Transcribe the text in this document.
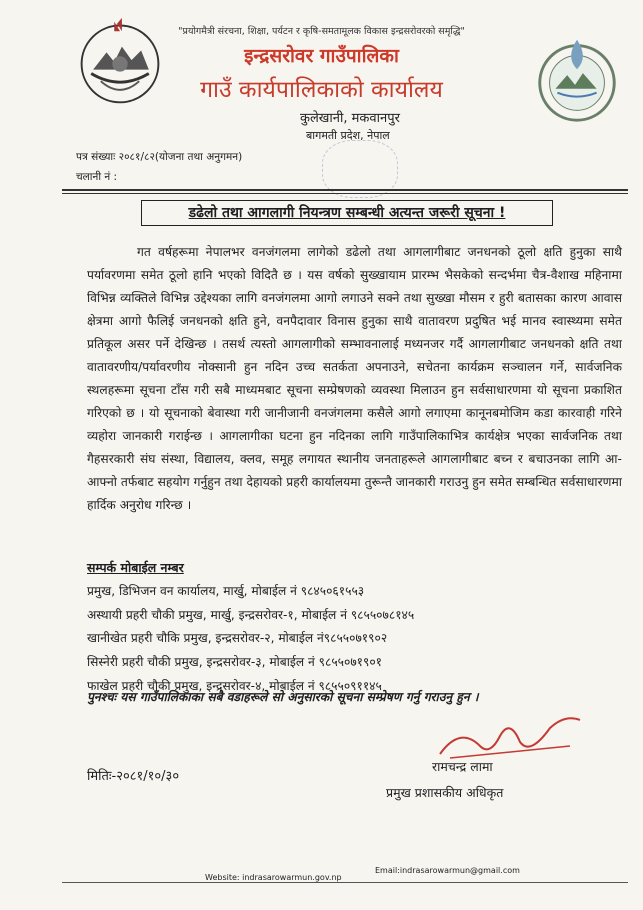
"प्रयोगमैत्री संरचना, शिक्षा, पर्यटन र कृषि-समतामूलक विकास इन्द्रसरोवरको समृद्धि"
इन्द्रसरोवर गाउँपालिका
गाउँ कार्यपालिकाको कार्यालय
कुलेखानी, मकवानपुर
बागमती प्रदेश, नेपाल
पत्र संख्याः २०८१/८२(योजना तथा अनुगमन)
चलानी नं :
डढेलो तथा आगलागी नियन्त्रण सम्बन्धी अत्यन्त जरूरी सूचना !

गत वर्षहरूमा नेपालभर वनजंगलमा लागेको डढेलो तथा आगलागीबाट जनधनको ठूलो क्षति हुनुका साथै पर्यावरणमा समेत ठूलो हानि भएको विदितै छ । यस वर्षको सुख्खायाम प्रारम्भ भैसकेको सन्दर्भमा चैत्र-वैशाख महिनामा विभिन्न व्यक्तिले विभिन्न उद्देश्यका लागि वनजंगलमा आगो लगाउने सक्ने तथा सुख्खा मौसम र हुरी बतासका कारण आवास क्षेत्रमा आगो फैलिई जनधनको क्षति हुने, वनपैदावार विनास हुनुका साथै वातावरण प्रदुषित भई मानव स्वास्थ्यमा समेत प्रतिकूल असर पर्ने देखिन्छ । तसर्थ त्यस्तो आगलागीको सम्भावनालाई मध्यनजर गर्दै आगलागीबाट जनधनको क्षति तथा वातावरणीय/पर्यावरणीय नोक्सानी हुन नदिन उच्च सतर्कता अपनाउने, सचेतना कार्यक्रम सञ्चालन गर्ने, सार्वजनिक स्थलहरूमा सूचना टाँस गरी सबै माध्यमबाट सूचना सम्प्रेषणको व्यवस्था मिलाउन हुन सर्वसाधारणमा यो सूचना प्रकाशित गरिएको छ । यो सूचनाको बेवास्था गरी जानीजानी वनजंगलमा कसैले आगो लगाएमा कानूनबमोजिम कडा कारवाही गरिने व्यहोरा जानकारी गराईन्छ । आगलागीका घटना हुन नदिनका लागि गाउँपालिकाभित्र कार्यक्षेत्र भएका सार्वजनिक तथा गैहसरकारी संघ संस्था, विद्यालय, क्लव, समूह लगायत स्थानीय जनताहरूले आगलागीबाट बच्न र बचाउनका लागि आ-आफ्नो तर्फबाट सहयोग गर्नुहुन तथा देहायको प्रहरी कार्यालयमा तुरून्तै जानकारी गराउनु हुन समेत सम्बन्धित सर्वसाधारणमा हार्दिक अनुरोध गरिन्छ ।

सम्पर्क मोबाईल नम्बर
प्रमुख, डिभिजन वन कार्यालय, मार्खु, मोबाईल नं ९८४५०६१५५३
अस्थायी प्रहरी चौकी प्रमुख, मार्खु, इन्द्रसरोवर-१, मोबाईल नं ९८५५०७८१४५
खानीखेत प्रहरी चौकि प्रमुख, इन्द्रसरोवर-२, मोबाईल नं९८५५०७१९०२
सिस्नेरी प्रहरी चौकी प्रमुख, इन्द्रसरोवर-३, मोबाईल नं ९८५५०७१९०१
फाखेल प्रहरी चौकी प्रमुख, इन्द्रसरोवर-४, मोबाईल नं ९८५५०९११४५
पुनश्चः यस गाउँपालिकाका सबै वडाहरूले सो अनुसारको सूचना सम्प्रेषण गर्नु गराउनु हुन ।
मितिः-२०८१/१०/३०
रामचन्द्र लामा
प्रमुख प्रशासकीय अधिकृत
Email:indrasarowarmun@gmail.com
Website: indrasarowarmun.gov.np
